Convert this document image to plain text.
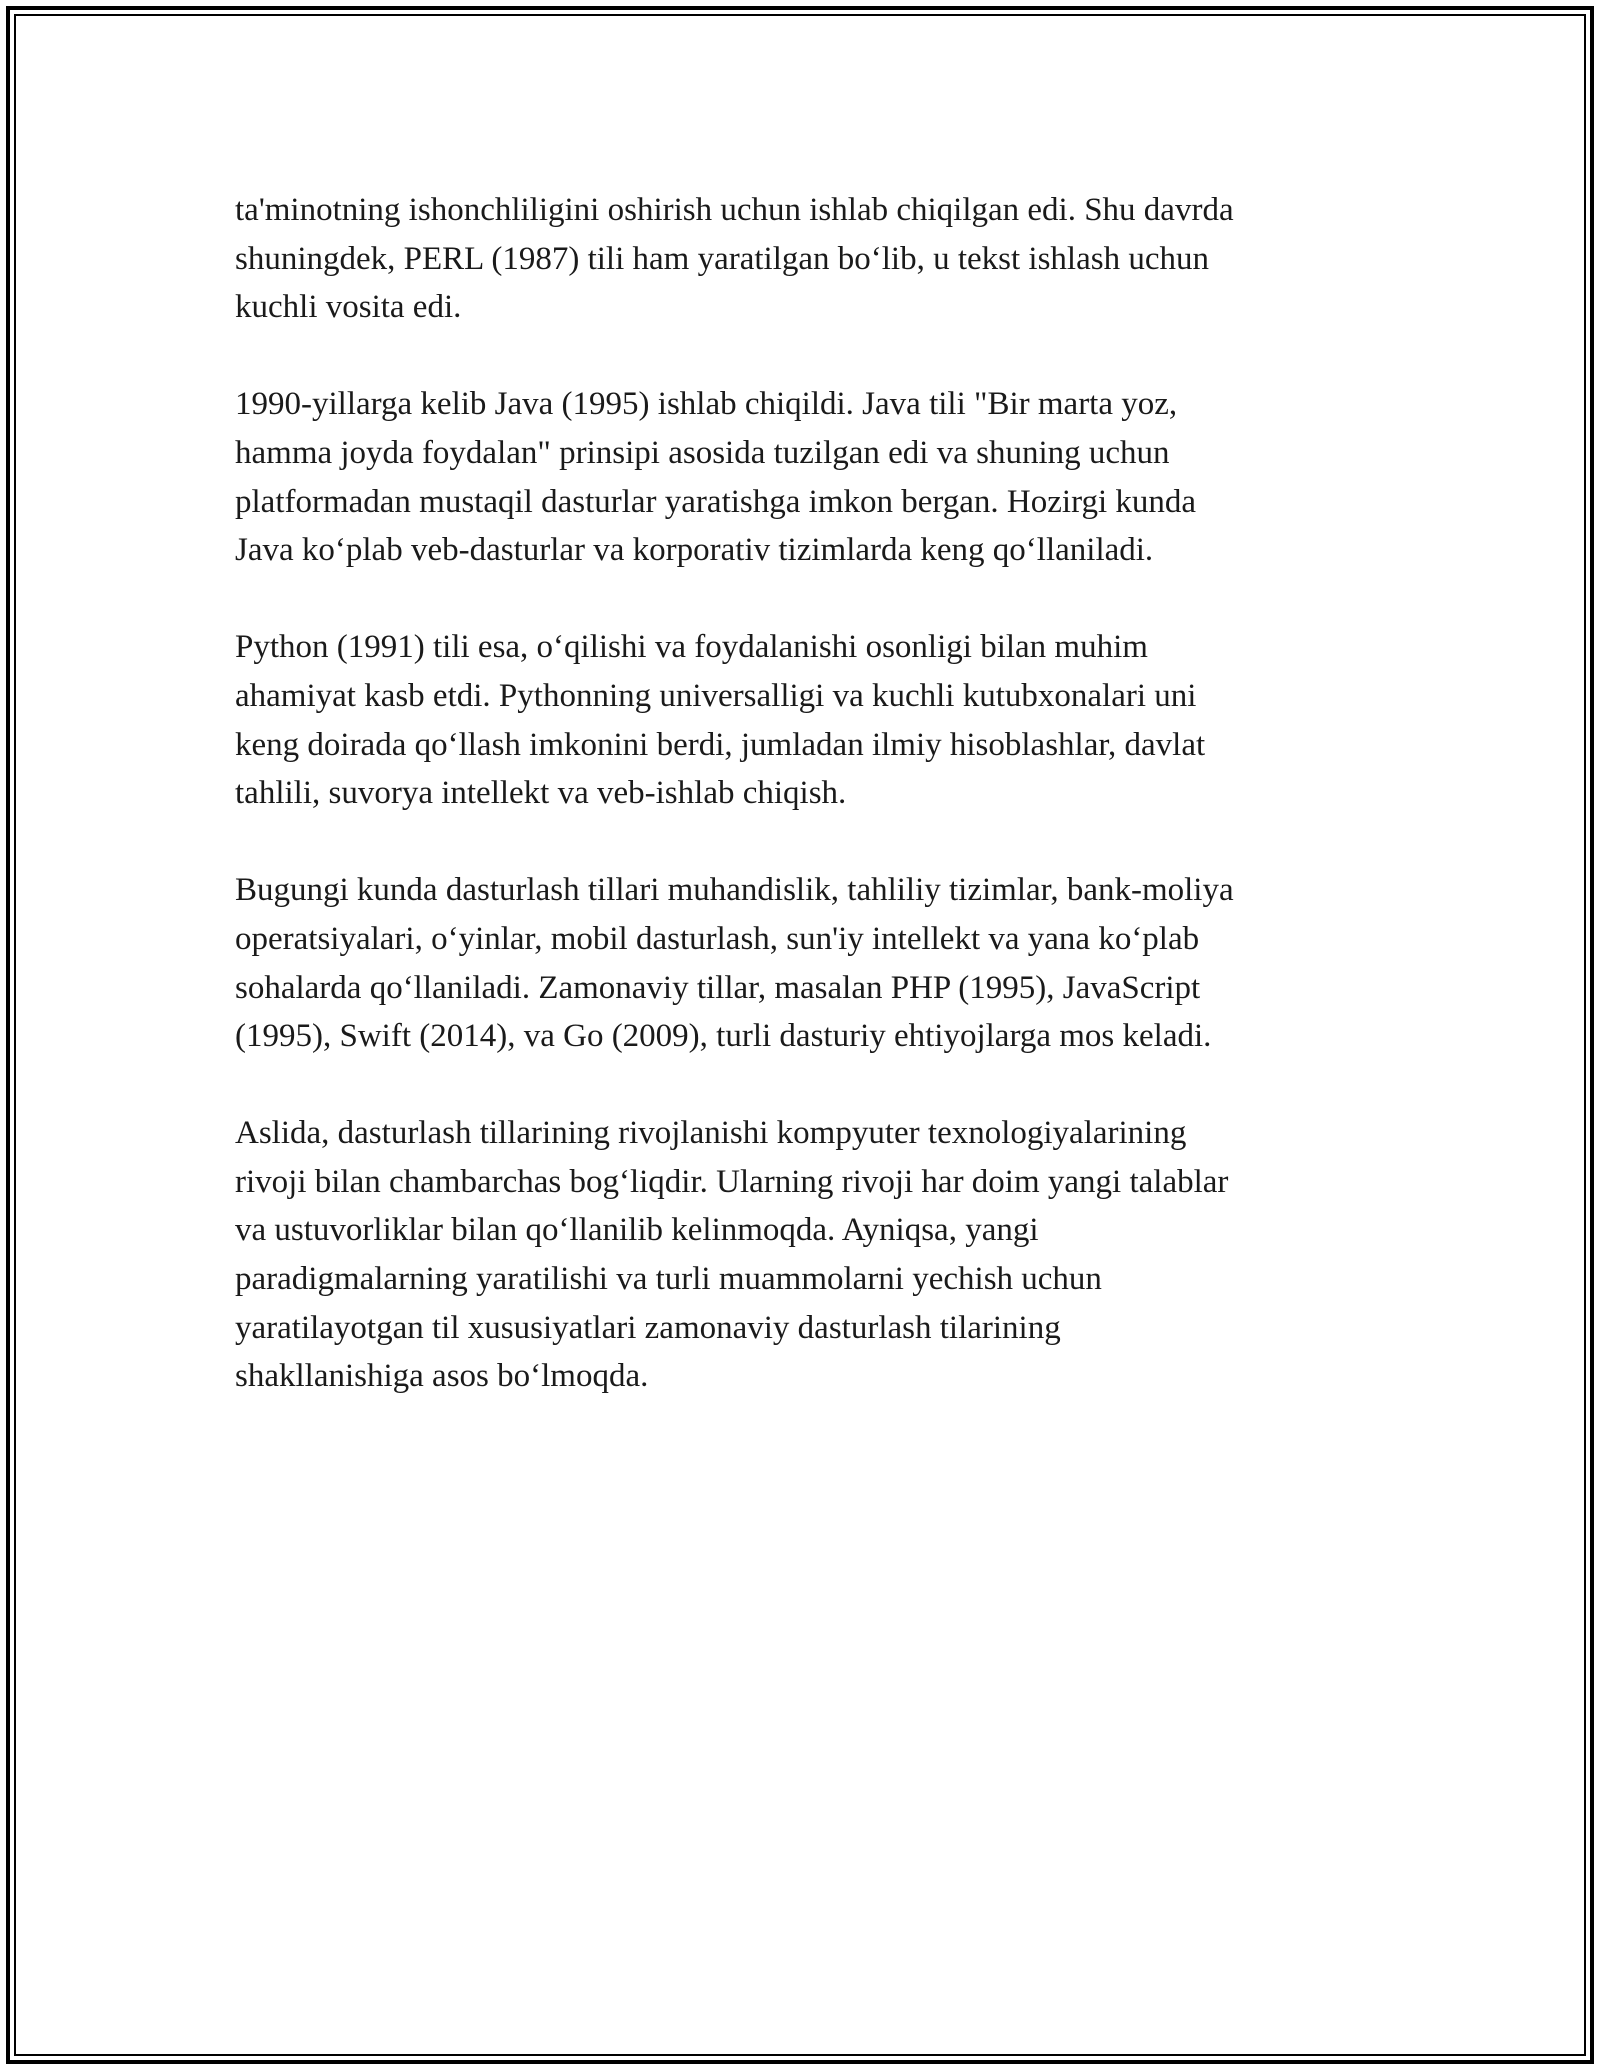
ta'minotning ishonchliligini oshirish uchun ishlab chiqilgan edi. Shu davrda
shuningdek, PERL (1987) tili ham yaratilgan bo‘lib, u tekst ishlash uchun
kuchli vosita edi.

1990-yillarga kelib Java (1995) ishlab chiqildi. Java tili "Bir marta yoz,
hamma joyda foydalan" prinsipi asosida tuzilgan edi va shuning uchun
platformadan mustaqil dasturlar yaratishga imkon bergan. Hozirgi kunda
Java ko‘plab veb-dasturlar va korporativ tizimlarda keng qo‘llaniladi.

Python (1991) tili esa, o‘qilishi va foydalanishi osonligi bilan muhim
ahamiyat kasb etdi. Pythonning universalligi va kuchli kutubxonalari uni
keng doirada qo‘llash imkonini berdi, jumladan ilmiy hisoblashlar, davlat
tahlili, suvorya intellekt va veb-ishlab chiqish.

Bugungi kunda dasturlash tillari muhandislik, tahliliy tizimlar, bank-moliya
operatsiyalari, o‘yinlar, mobil dasturlash, sun'iy intellekt va yana ko‘plab
sohalarda qo‘llaniladi. Zamonaviy tillar, masalan PHP (1995), JavaScript
(1995), Swift (2014), va Go (2009), turli dasturiy ehtiyojlarga mos keladi.

Aslida, dasturlash tillarining rivojlanishi kompyuter texnologiyalarining
rivoji bilan chambarchas bog‘liqdir. Ularning rivoji har doim yangi talablar
va ustuvorliklar bilan qo‘llanilib kelinmoqda. Ayniqsa, yangi
paradigmalarning yaratilishi va turli muammolarni yechish uchun
yaratilayotgan til xususiyatlari zamonaviy dasturlash tilarining
shakllanishiga asos bo‘lmoqda.
